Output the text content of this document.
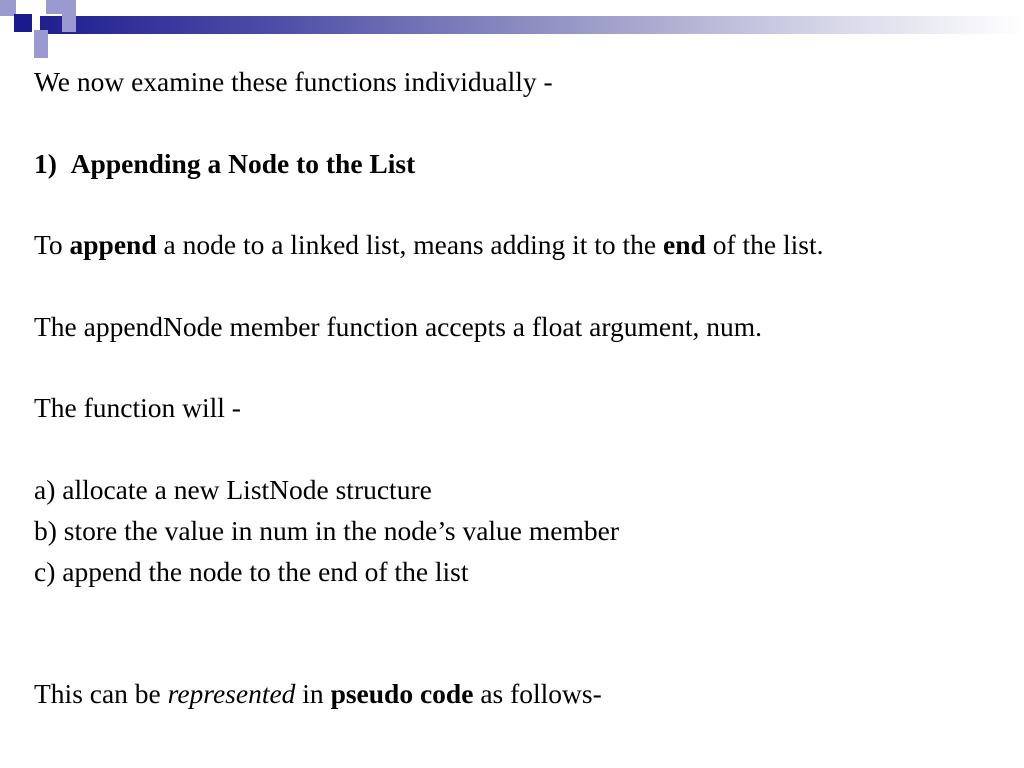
We now examine these functions individually -
1) Appending a Node to the List
To append a node to a linked list, means adding it to the end of the list.
The appendNode member function accepts a float argument, num.
The function will -
a) allocate a new ListNode structure
b) store the value in num in the node’s value member
c) append the node to the end of the list
This can be represented in pseudo code as follows-
